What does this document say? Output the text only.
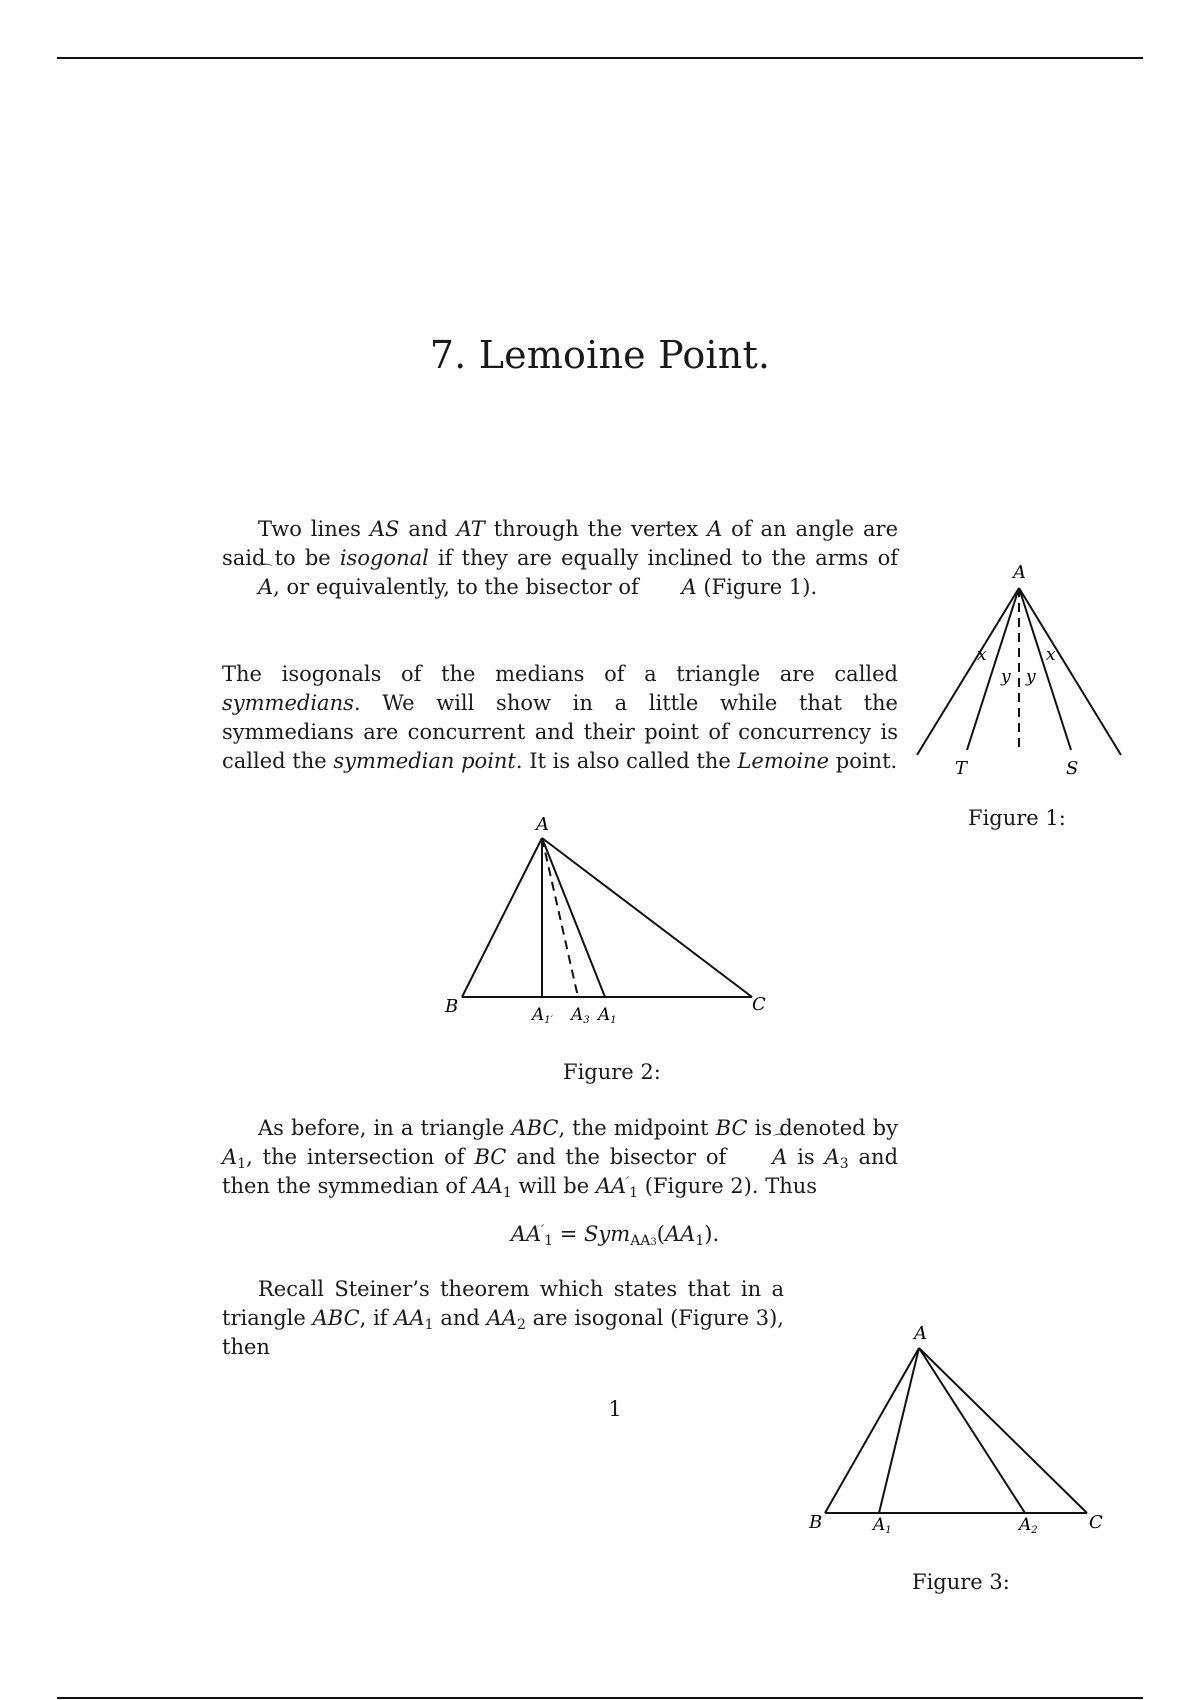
7. Lemoine Point.

Two lines AS and AT through the vertex A of an angle are said to be isogonal if they are equally inclined to the arms of ⌒ A, or equivalently, to the bisector of ⌒ A (Figure 1).

The isogonals of the medians of a triangle are called symmedians. We will show in a little while that the symmedians are concurrent and their point of concurrency is called the symmedian point. It is also called the Lemoine point.

A
T	S
x	x
y y

Figure 1:

A
B	C
A1′ A3 A1

Figure 2:

As before, in a triangle ABC, the midpoint BC is denoted by $A_1$, the intersection of BC and the bisector of ⌒ A is $A_3$ and then the symmedian of $AA_1$ will be $AA'_1$ (Figure 2). Thus

$AA'_1 = Sym_{AA3}(AA_1)$.

Recall Steiner’s theorem which states that in a triangle ABC, if $AA_1$ and $AA_2$ are isogonal (Figure 3), then

1
A
B	C
A1	A2

Figure 3:
